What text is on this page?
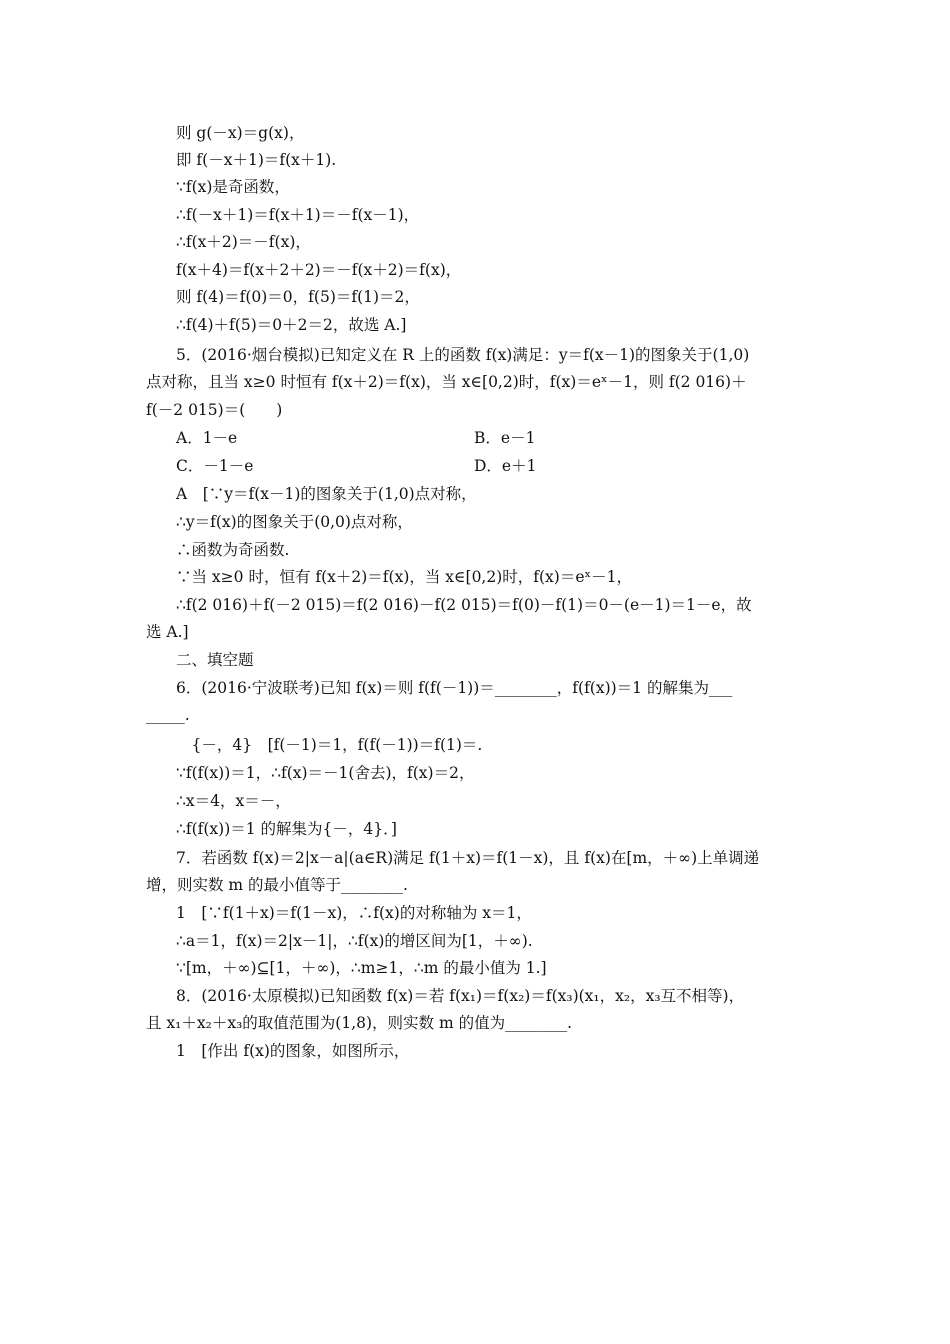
则 g(－x)＝g(x)，
即 f(－x＋1)＝f(x＋1).
∵f(x)是奇函数，
∴f(－x＋1)＝f(x＋1)＝－f(x－1)，
∴f(x＋2)＝－f(x)，
f(x＋4)＝f(x＋2＋2)＝－f(x＋2)＝f(x)，
则 f(4)＝f(0)＝0，f(5)＝f(1)＝2，
∴f(4)＋f(5)＝0＋2＝2，故选 A.]
5．(2016·烟台模拟)已知定义在 R 上的函数 f(x)满足：y＝f(x－1)的图象关于(1,0)
点对称，且当 x≥0 时恒有 f(x＋2)＝f(x)，当 x∈[0,2)时，f(x)＝eˣ－1，则 f(2 016)＋
f(－2 015)＝(　　)
A．1－e	B．e－1
C．－1－e	D．e＋1
A　[∵y＝f(x－1)的图象关于(1,0)点对称，
∴y＝f(x)的图象关于(0,0)点对称，
∴函数为奇函数.
∵当 x≥0 时，恒有 f(x＋2)＝f(x)，当 x∈[0,2)时，f(x)＝eˣ－1，
∴f(2 016)＋f(－2 015)＝f(2 016)－f(2 015)＝f(0)－f(1)＝0－(e－1)＝1－e，故
选 A.]
二、填空题
6．(2016·宁波联考)已知 f(x)＝则 f(f(－1))＝________，f(f(x))＝1 的解集为___
_____.
　{－，4}　[f(－1)＝1，f(f(－1))＝f(1)＝.
∵f(f(x))＝1，∴f(x)＝－1(舍去)，f(x)＝2，
∴x＝4，x＝－，
∴f(f(x))＝1 的解集为{－，4}．]
7．若函数 f(x)＝2|x－a|(a∈R)满足 f(1＋x)＝f(1－x)，且 f(x)在[m，＋∞)上单调递
增，则实数 m 的最小值等于________.
1　[∵f(1＋x)＝f(1－x)，∴f(x)的对称轴为 x＝1，
∴a＝1，f(x)＝2|x－1|，∴f(x)的增区间为[1，＋∞).
∵[m，＋∞)⊆[1，＋∞)，∴m≥1，∴m 的最小值为 1.]
8．(2016·太原模拟)已知函数 f(x)＝若 f(x₁)＝f(x₂)＝f(x₃)(x₁，x₂，x₃互不相等)，
且 x₁＋x₂＋x₃的取值范围为(1,8)，则实数 m 的值为________.
1　[作出 f(x)的图象，如图所示，
